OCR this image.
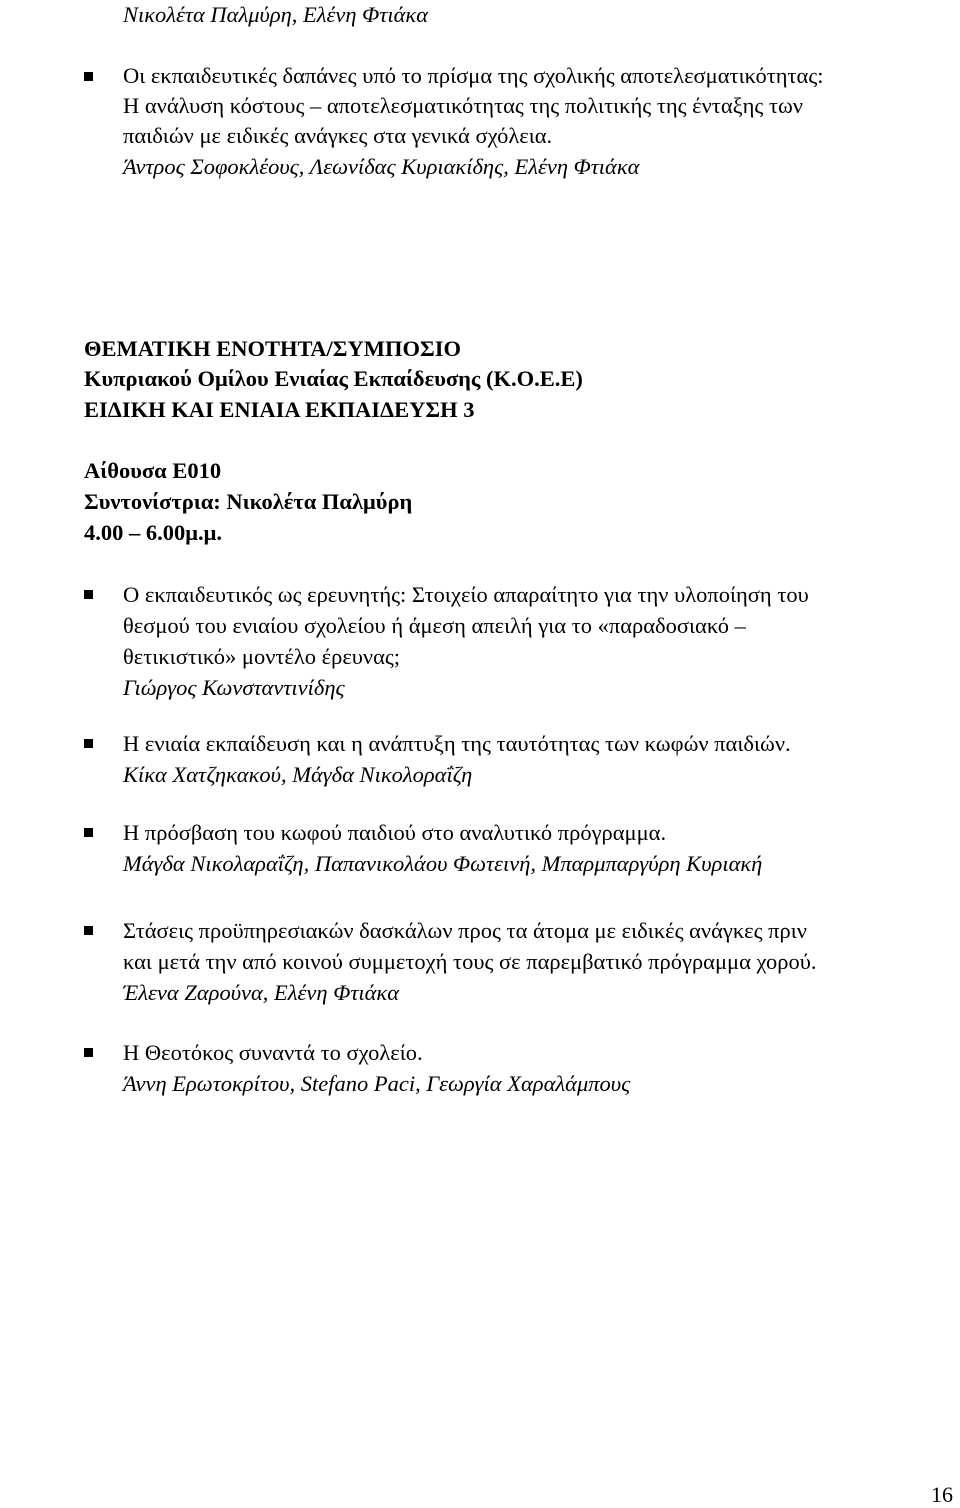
Νικολέτα Παλμύρη, Ελένη Φτιάκα
Οι εκπαιδευτικές δαπάνες υπό το πρίσμα της σχολικής αποτελεσματικότητας:
Η ανάλυση κόστους – αποτελεσματικότητας της πολιτικής της ένταξης των
παιδιών με ειδικές ανάγκες στα γενικά σχόλεια.
Άντρος Σοφοκλέους, Λεωνίδας Κυριακίδης, Ελένη Φτιάκα
ΘΕΜΑΤΙΚΗ ΕΝΟΤΗΤΑ/ΣΥΜΠΟΣΙΟ
Κυπριακού Ομίλου Ενιαίας Εκπαίδευσης (Κ.Ο.Ε.Ε)
ΕΙΔΙΚΗ ΚΑΙ ΕΝΙΑΙΑ ΕΚΠΑΙΔΕΥΣΗ 3
Αίθουσα Ε010
Συντονίστρια: Νικολέτα Παλμύρη
4.00 – 6.00μ.μ.
Ο εκπαιδευτικός ως ερευνητής: Στοιχείο απαραίτητο για την υλοποίηση του
θεσμού του ενιαίου σχολείου ή άμεση απειλή για το «παραδοσιακό –
θετικιστικό» μοντέλο έρευνας;
Γιώργος Κωνσταντινίδης
Η ενιαία εκπαίδευση και η ανάπτυξη της ταυτότητας των κωφών παιδιών.
Κίκα Χατζηκακού, Μάγδα Νικολοραΐζη
Η πρόσβαση του κωφού παιδιού στο αναλυτικό πρόγραμμα.
Μάγδα Νικολαραΐζη, Παπανικολάου Φωτεινή, Μπαρμπαργύρη Κυριακή
Στάσεις προϋπηρεσιακών δασκάλων προς τα άτομα με ειδικές ανάγκες πριν
και μετά την από κοινού συμμετοχή τους σε παρεμβατικό πρόγραμμα χορού.
Έλενα Ζαρούνα, Ελένη Φτιάκα
Η Θεοτόκος συναντά το σχολείο.
Άννη Ερωτοκρίτου, Stefano Paci, Γεωργία Χαραλάμπους
16
